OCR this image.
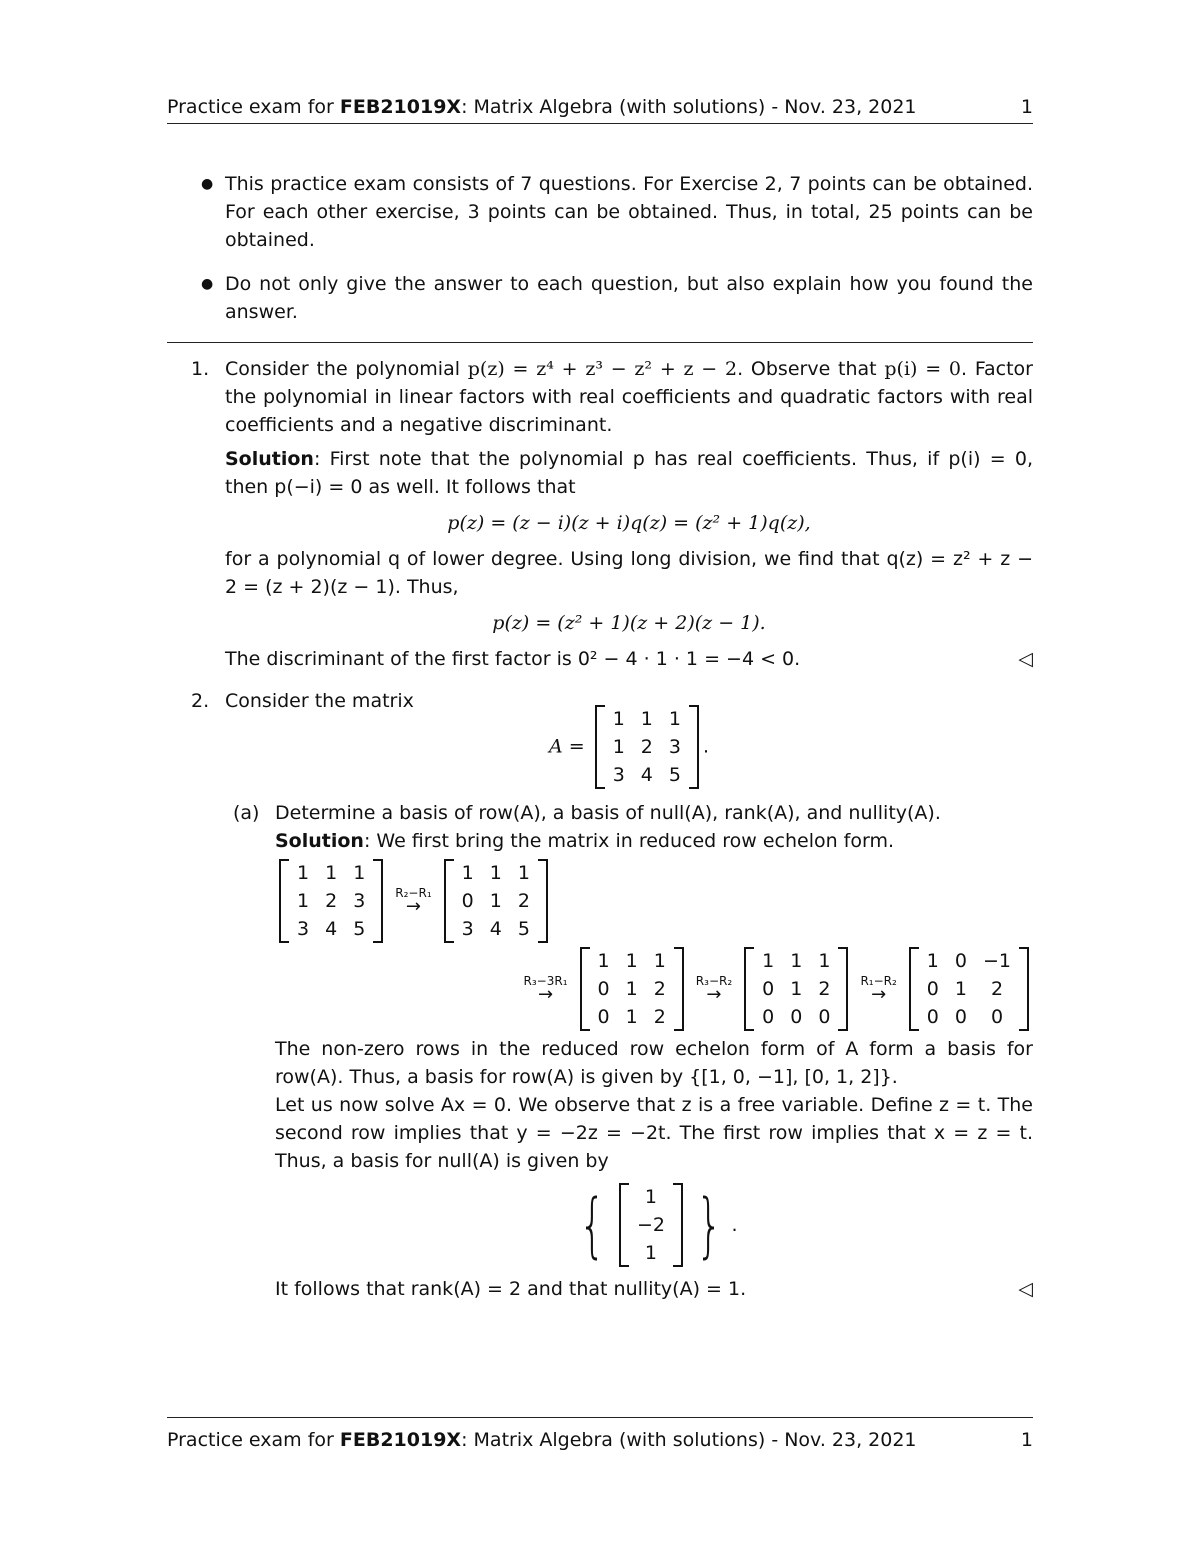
Practice exam for FEB21019X: Matrix Algebra (with solutions) - Nov. 23, 2021	1
● This practice exam consists of 7 questions. For Exercise 2, 7 points can be obtained. For each other exercise, 3 points can be obtained. Thus, in total, 25 points can be obtained.
● Do not only give the answer to each question, but also explain how you found the answer.
1. Consider the polynomial p(z) = z⁴ + z³ − z² + z − 2. Observe that p(i) = 0. Factor the polynomial in linear factors with real coefficients and quadratic factors with real coefficients and a negative discriminant.
Solution: First note that the polynomial p has real coefficients. Thus, if p(i) = 0, then p(−i) = 0 as well. It follows that
p(z) = (z − i)(z + i)q(z) = (z² + 1)q(z),
for a polynomial q of lower degree. Using long division, we find that q(z) = z² + z − 2 = (z + 2)(z − 1). Thus,
p(z) = (z² + 1)(z + 2)(z − 1).
The discriminant of the first factor is 0² − 4 · 1 · 1 = −4 < 0.	◁
2. Consider the matrix
A =
1	1	1
1	2	3
3	4	5
.
(a) Determine a basis of row(A), a basis of null(A), rank(A), and nullity(A).
Solution: We first bring the matrix in reduced row echelon form.
1	1	1
1	2	3
3	4	5
R₂−R₁
→
1	1	1
0	1	2
3	4	5
R₃−3R₁
→
1	1	1
0	1	2
0	1	2
R₃−R₂
→
1	1	1
0	1	2
0	0	0
R₁−R₂
→
1	0	−1
0	1	2
0	0	0
The non-zero rows in the reduced row echelon form of A form a basis for row(A). Thus, a basis for row(A) is given by {[1, 0, −1], [0, 1, 2]}.
Let us now solve Ax = 0. We observe that z is a free variable. Define z = t. The second row implies that y = −2z = −2t. The first row implies that x = z = t. Thus, a basis for null(A) is given by
{ 1
−2
1 } .
It follows that rank(A) = 2 and that nullity(A) = 1.	◁
Practice exam for FEB21019X: Matrix Algebra (with solutions) - Nov. 23, 2021	1
